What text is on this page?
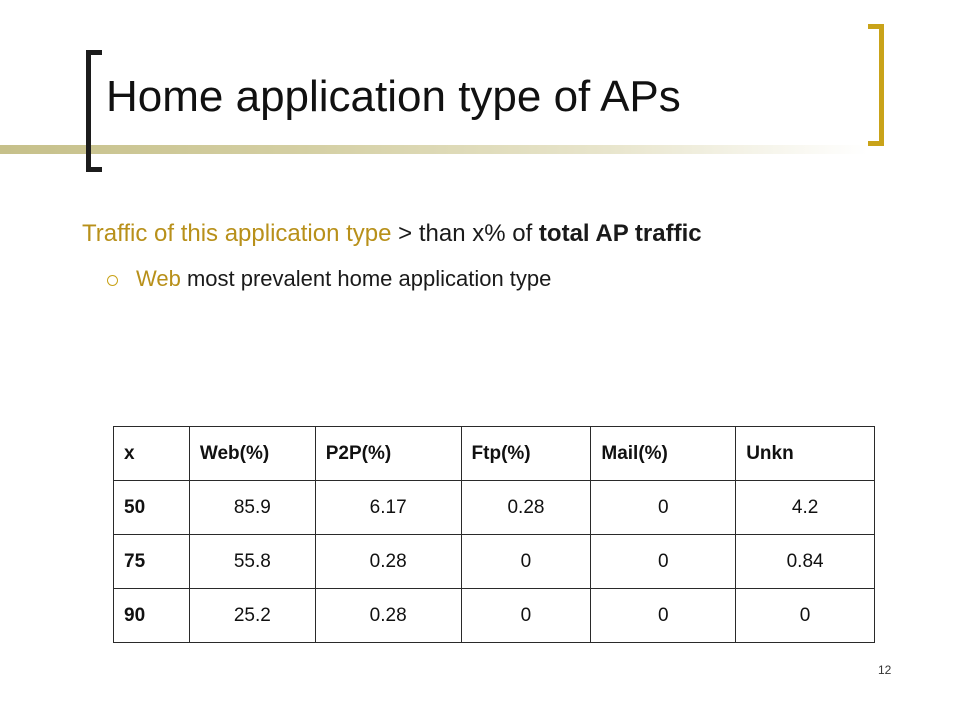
Home application type of APs
Traffic of this application type > than x% of total AP traffic
Web most prevalent home application type
x	Web(%)	P2P(%)	Ftp(%)	Mail(%)	Unkn
50	85.9	6.17	0.28	0	4.2
75	55.8	0.28	0	0	0.84
90	25.2	0.28	0	0	0
12
